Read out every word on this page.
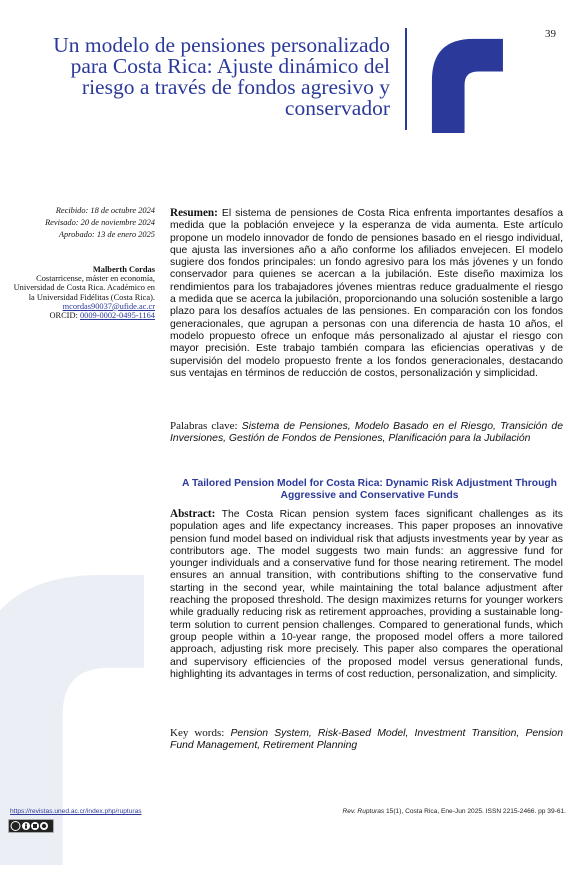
39
Un modelo de pensiones personalizado para Costa Rica: Ajuste dinámico del riesgo a través de fondos agresivo y conservador
Recibido: 18 de octubre 2024
Revisado: 20 de noviembre 2024
Aprobado: 13 de enero 2025
Malberth Cordas
Costarricense, máster en economía, Universidad de Costa Rica. Académico en la Universidad Fidélitas (Costa Rica).
mcordas90037@ufide.ac.cr
ORCID: 0009-0002-0495-1164
Resumen: El sistema de pensiones de Costa Rica enfrenta importantes desafíos a medida que la población envejece y la esperanza de vida aumenta. Este artículo propone un modelo innovador de fondo de pensiones basado en el riesgo individual, que ajusta las inversiones año a año conforme los afiliados envejecen. El modelo sugiere dos fondos principales: un fondo agresivo para los más jóvenes y un fondo conservador para quienes se acercan a la jubilación. Este diseño maximiza los rendimientos para los trabajadores jóvenes mientras reduce gradualmente el riesgo a medida que se acerca la jubilación, proporcionando una solución sostenible a largo plazo para los desafíos actuales de las pensiones. En comparación con los fondos generacionales, que agrupan a personas con una diferencia de hasta 10 años, el modelo propuesto ofrece un enfoque más personalizado al ajustar el riesgo con mayor precisión. Este trabajo también compara las eficiencias operativas y de supervisión del modelo propuesto frente a los fondos generacionales, destacando sus ventajas en términos de reducción de costos, personalización y simplicidad.
Palabras clave: Sistema de Pensiones, Modelo Basado en el Riesgo, Transición de Inversiones, Gestión de Fondos de Pensiones, Planificación para la Jubilación
A Tailored Pension Model for Costa Rica: Dynamic Risk Adjustment Through Aggressive and Conservative Funds
Abstract: The Costa Rican pension system faces significant challenges as its population ages and life expectancy increases. This paper proposes an innovative pension fund model based on individual risk that adjusts investments year by year as contributors age. The model suggests two main funds: an aggressive fund for younger individuals and a conservative fund for those nearing retirement. The model ensures an annual transition, with contributions shifting to the conservative fund starting in the second year, while maintaining the total balance adjustment after reaching the proposed threshold. The design maximizes returns for younger workers while gradually reducing risk as retirement approaches, providing a sustainable long-term solution to current pension challenges. Compared to generational funds, which group people within a 10-year range, the proposed model offers a more tailored approach, adjusting risk more precisely. This paper also compares the operational and supervisory efficiencies of the proposed model versus generational funds, highlighting its advantages in terms of cost reduction, personalization, and simplicity.
Key words: Pension System, Risk-Based Model, Investment Transition, Pension Fund Management, Retirement Planning
https://revistas.uned.ac.cr/index.php/rupturas	Rev. Rupturas 15(1), Costa Rica, Ene-Jun 2025. ISSN 2215-2466. pp 39-61.
